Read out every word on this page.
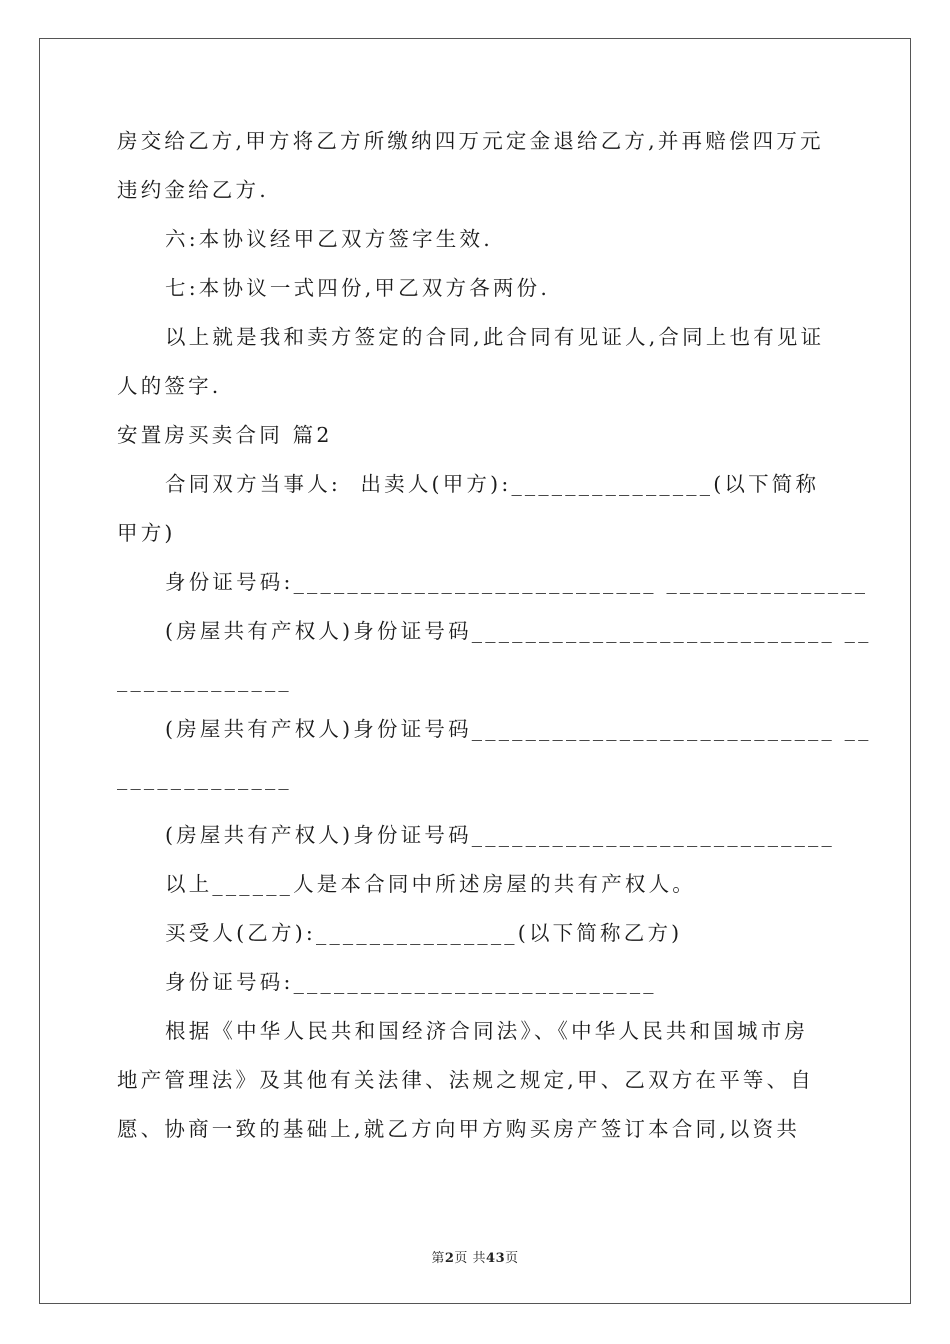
房交给乙方,甲方将乙方所缴纳四万元定金退给乙方,并再赔偿四万元
违约金给乙方.
六:本协议经甲乙双方签字生效.
七:本协议一式四份,甲乙双方各两份.
以上就是我和卖方签定的合同,此合同有见证人,合同上也有见证
人的签字.
安置房买卖合同 篇2
合同双方当事人:  出卖人(甲方):_______________(以下简称
甲方)
身份证号码:___________________________ _______________
(房屋共有产权人)身份证号码___________________________ __
_____________
(房屋共有产权人)身份证号码___________________________ __
_____________
(房屋共有产权人)身份证号码___________________________
以上______人是本合同中所述房屋的共有产权人。
买受人(乙方):_______________(以下简称乙方)
身份证号码:___________________________
根据《中华人民共和国经济合同法》、《中华人民共和国城市房
地产管理法》及其他有关法律、法规之规定,甲、乙双方在平等、自
愿、协商一致的基础上,就乙方向甲方购买房产签订本合同,以资共
第2页 共43页
